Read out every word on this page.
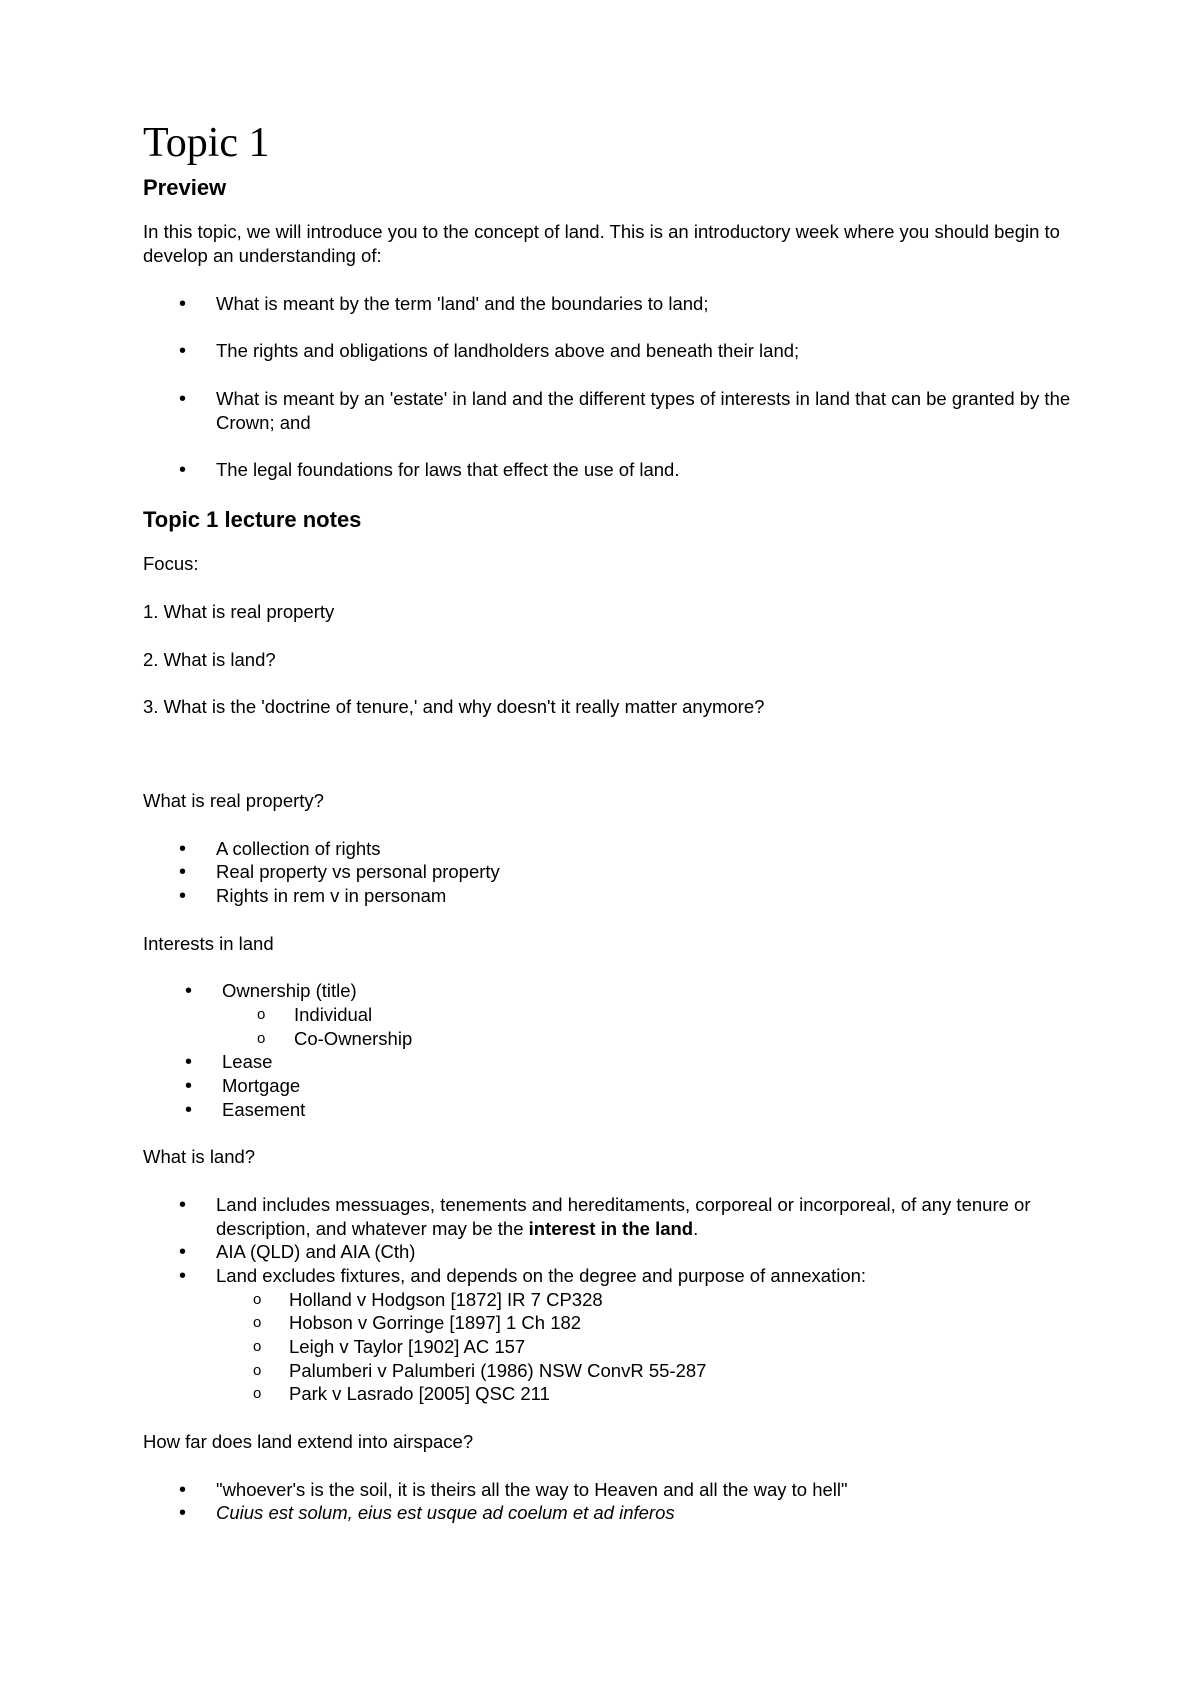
Topic 1
Preview

In this topic, we will introduce you to the concept of land. This is an introductory week where you should begin to develop an understanding of:

• What is meant by the term 'land' and the boundaries to land;
• The rights and obligations of landholders above and beneath their land;
• What is meant by an 'estate' in land and the different types of interests in land that can be granted by the Crown; and
• The legal foundations for laws that effect the use of land.
Topic 1 lecture notes

Focus:

1. What is real property

2. What is land?

3. What is the 'doctrine of tenure,' and why doesn't it really matter anymore?

What is real property?

• A collection of rights
• Real property vs personal property
• Rights in rem v in personam

Interests in land

• Ownership (title)
o Individual
o Co-Ownership
• Lease
• Mortgage
• Easement

What is land?

• Land includes messuages, tenements and hereditaments, corporeal or incorporeal, of any tenure or description, and whatever may be the interest in the land.
• AIA (QLD) and AIA (Cth)
• Land excludes fixtures, and depends on the degree and purpose of annexation:
o Holland v Hodgson [1872] IR 7 CP328
o Hobson v Gorringe [1897] 1 Ch 182
o Leigh v Taylor [1902] AC 157
o Palumberi v Palumberi (1986) NSW ConvR 55-287
o Park v Lasrado [2005] QSC 211

How far does land extend into airspace?

• "whoever's is the soil, it is theirs all the way to Heaven and all the way to hell"
• Cuius est solum, eius est usque ad coelum et ad inferos
